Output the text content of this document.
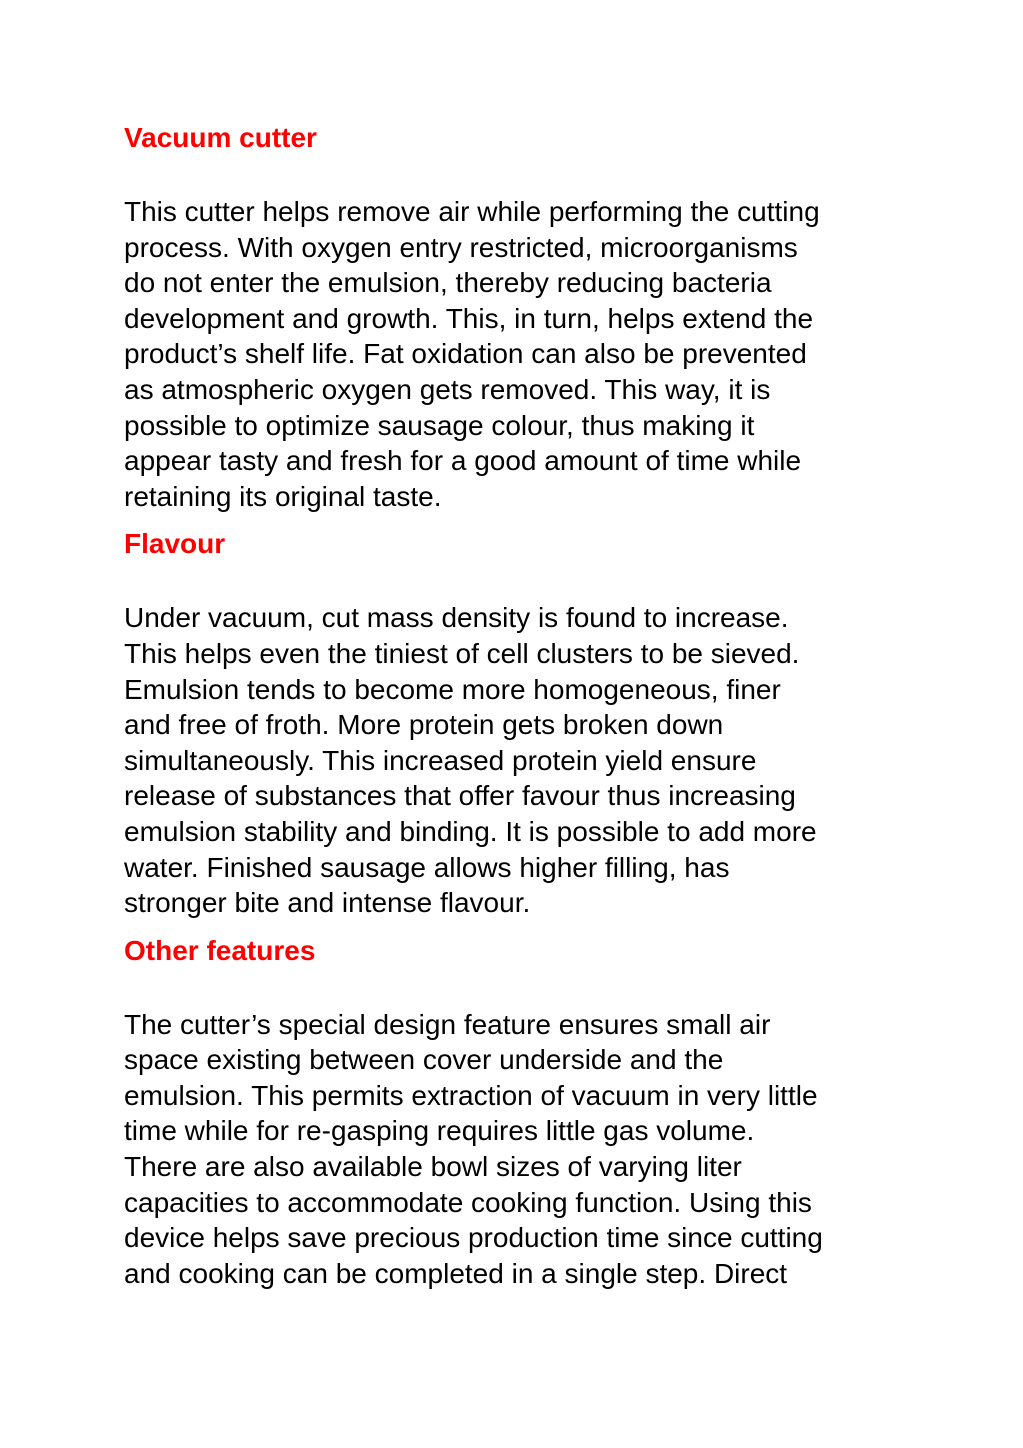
Vacuum cutter

This cutter helps remove air while performing the cutting
process. With oxygen entry restricted, microorganisms
do not enter the emulsion, thereby reducing bacteria
development and growth. This, in turn, helps extend the
product’s shelf life. Fat oxidation can also be prevented
as atmospheric oxygen gets removed. This way, it is
possible to optimize sausage colour, thus making it
appear tasty and fresh for a good amount of time while
retaining its original taste.

Flavour

Under vacuum, cut mass density is found to increase.
This helps even the tiniest of cell clusters to be sieved.
Emulsion tends to become more homogeneous, finer
and free of froth. More protein gets broken down
simultaneously. This increased protein yield ensure
release of substances that offer favour thus increasing
emulsion stability and binding. It is possible to add more
water. Finished sausage allows higher filling, has
stronger bite and intense flavour.

Other features

The cutter’s special design feature ensures small air
space existing between cover underside and the
emulsion. This permits extraction of vacuum in very little
time while for re-gasping requires little gas volume.
There are also available bowl sizes of varying liter
capacities to accommodate cooking function. Using this
device helps save precious production time since cutting
and cooking can be completed in a single step. Direct
